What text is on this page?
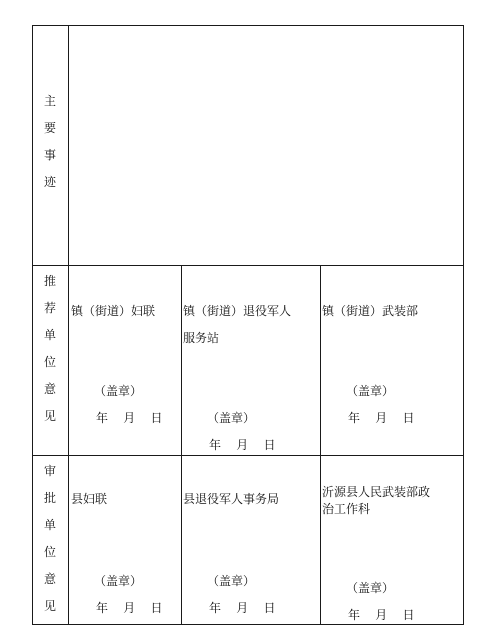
主
要
事
迹
推
荐
单
位
意
见
镇（街道）妇联
（盖章）
年    月    日
镇（街道）退役军人
服务站
（盖章）
年    月    日
镇（街道）武装部
（盖章）
年    月    日
审
批
单
位
意
见
县妇联
（盖章）
年    月    日
县退役军人事务局
（盖章）
年    月    日
沂源县人民武装部政
治工作科
（盖章）
年    月    日
